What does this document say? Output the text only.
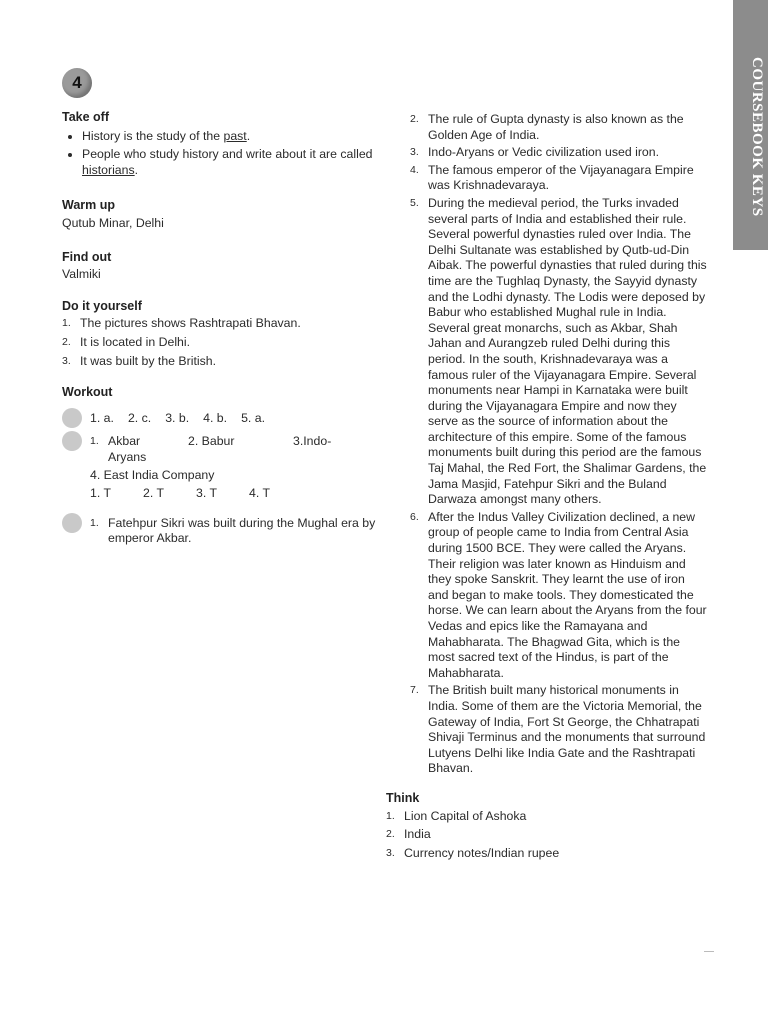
COURSEBOOK KEYS
4
Take off
• History is the study of the past.
• People who study history and write about it are called historians.
Warm up

Qutub Minar, Delhi

Find out

Valmiki

Do it yourself
1. The pictures shows Rashtrapati Bhavan.
2. It is located in Delhi.
3. It was built by the British.
Workout
1. a. 2. c. 3. b. 4. b. 5. a.
1. Akbar	2. Babur	3.Indo-
Aryans
4. East India Company
1. T	2. T	3. T	4. T
1. Fatehpur Sikri was built during the Mughal era by emperor Akbar.
2. The rule of Gupta dynasty is also known as the Golden Age of India.
3. Indo-Aryans or Vedic civilization used iron.
4. The famous emperor of the Vijayanagara Empire was Krishnadevaraya.
5. During the medieval period, the Turks invaded several parts of India and established their rule. Several powerful dynasties ruled over India. The Delhi Sultanate was established by Qutb-ud-Din Aibak. The powerful dynasties that ruled during this time are the Tughlaq Dynasty, the Sayyid dynasty and the Lodhi dynasty. The Lodis were deposed by Babur who established Mughal rule in India. Several great monarchs, such as Akbar, Shah Jahan and Aurangzeb ruled Delhi during this period. In the south, Krishnadevaraya was a famous ruler of the Vijayanagara Empire. Several monuments near Hampi in Karnataka were built during the Vijayanagara Empire and now they serve as the source of information about the architecture of this empire. Some of the famous monuments built during this period are the famous Taj Mahal, the Red Fort, the Shalimar Gardens, the Jama Masjid, Fatehpur Sikri and the Buland Darwaza amongst many others.
6. After the Indus Valley Civilization declined, a new group of people came to India from Central Asia during 1500 BCE. They were called the Aryans. Their religion was later known as Hinduism and they spoke Sanskrit. They learnt the use of iron and began to make tools. They domesticated the horse. We can learn about the Aryans from the four Vedas and epics like the Ramayana and Mahabharata. The Bhagwad Gita, which is the most sacred text of the Hindus, is part of the Mahabharata.
7. The British built many historical monuments in India. Some of them are the Victoria Memorial, the Gateway of India, Fort St George, the Chhatrapati Shivaji Terminus and the monuments that surround Lutyens Delhi like India Gate and the Rashtrapati Bhavan.
Think
1. Lion Capital of Ashoka
2. India
3. Currency notes/Indian rupee
